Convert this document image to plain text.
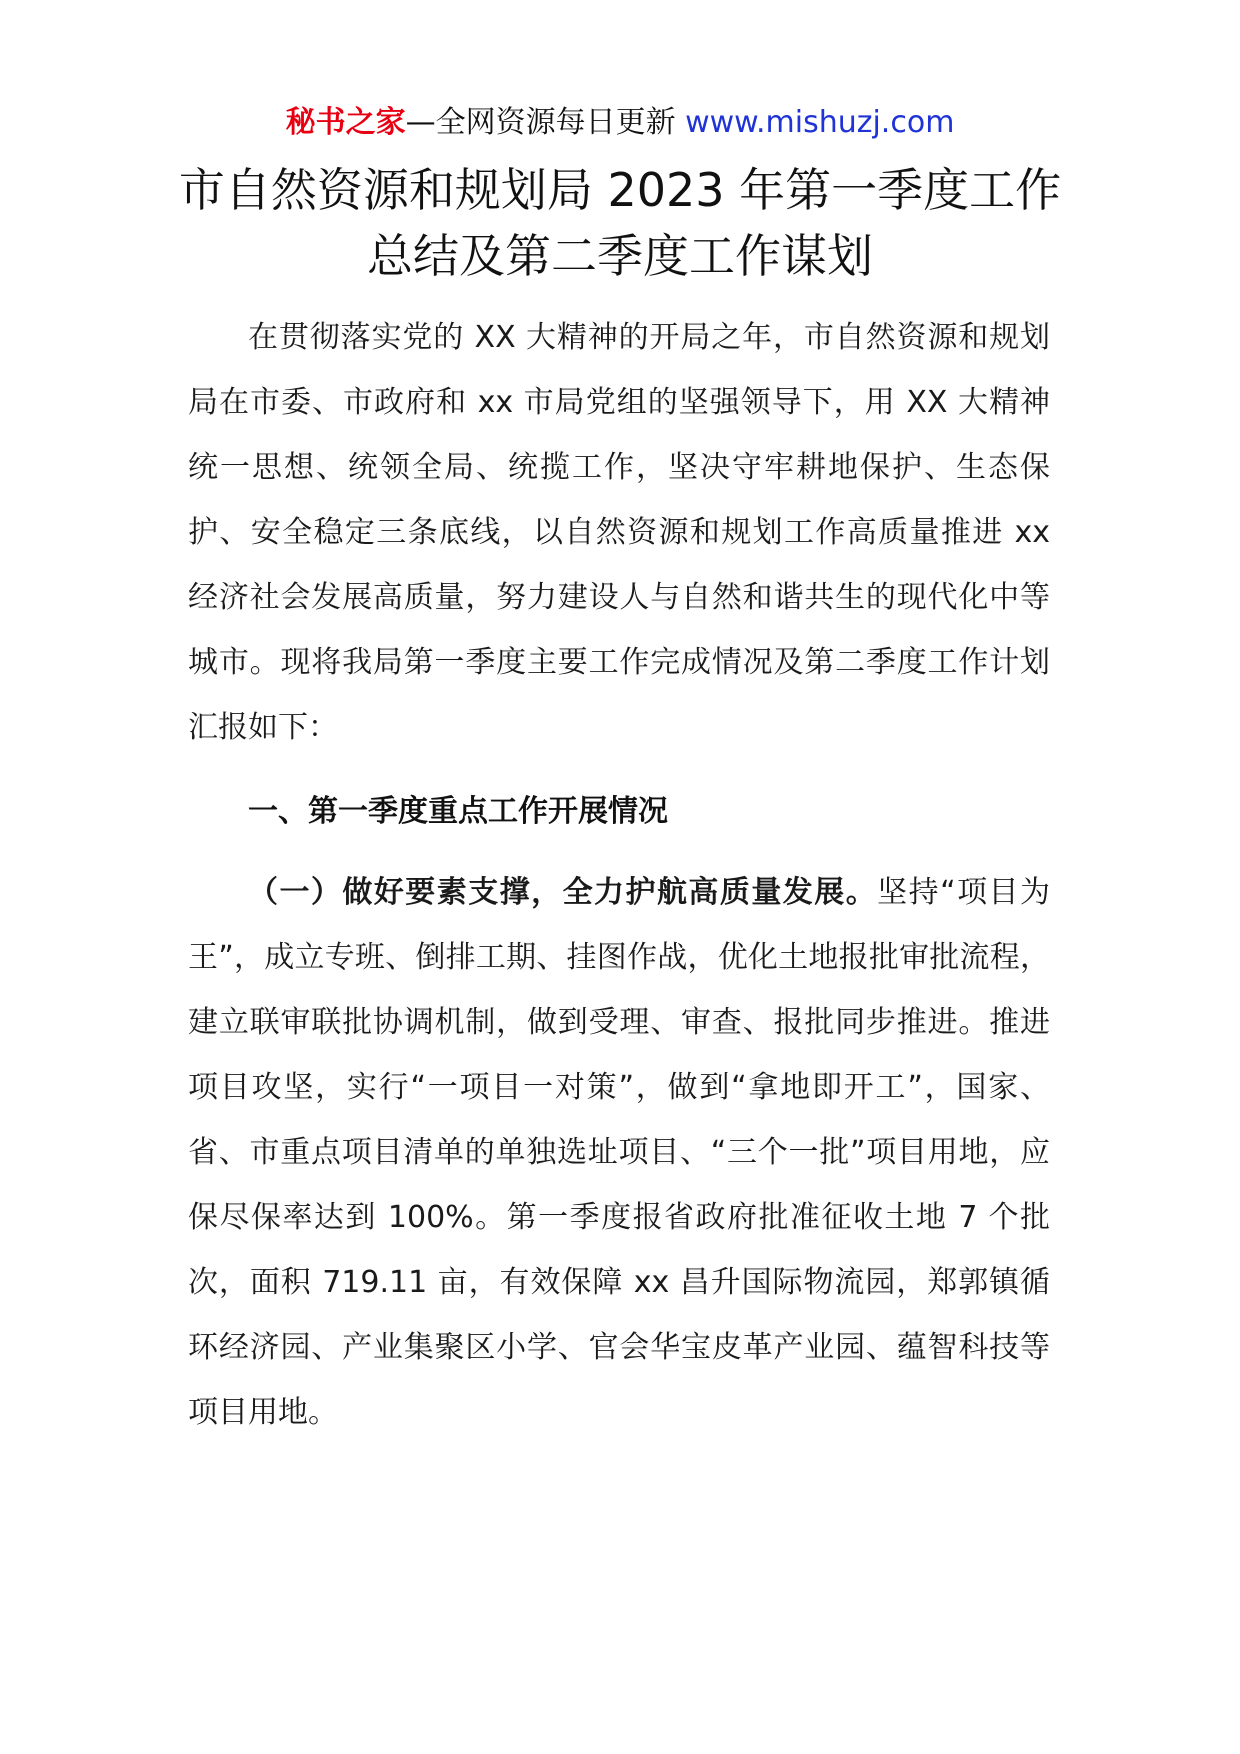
秘书之家—全网资源每日更新 www.mishuzj.com
市自然资源和规划局 2023 年第一季度工作总结及第二季度工作谋划

在贯彻落实党的 XX 大精神的开局之年，市自然资源和规划局在市委、市政府和 xx 市局党组的坚强领导下，用 XX 大精神统一思想、统领全局、统揽工作，坚决守牢耕地保护、生态保护、安全稳定三条底线，以自然资源和规划工作高质量推进 xx 经济社会发展高质量，努力建设人与自然和谐共生的现代化中等城市。现将我局第一季度主要工作完成情况及第二季度工作计划汇报如下：

一、第一季度重点工作开展情况

（一）做好要素支撑，全力护航高质量发展。坚持“项目为王”，成立专班、倒排工期、挂图作战，优化土地报批审批流程，建立联审联批协调机制，做到受理、审查、报批同步推进。推进项目攻坚，实行“一项目一对策”，做到“拿地即开工”，国家、省、市重点项目清单的单独选址项目、“三个一批”项目用地，应保尽保率达到 100%。第一季度报省政府批准征收土地 7 个批次，面积 719.11 亩，有效保障 xx 昌升国际物流园，郑郭镇循环经济园、产业集聚区小学、官会华宝皮革产业园、蕴智科技等项目用地。
